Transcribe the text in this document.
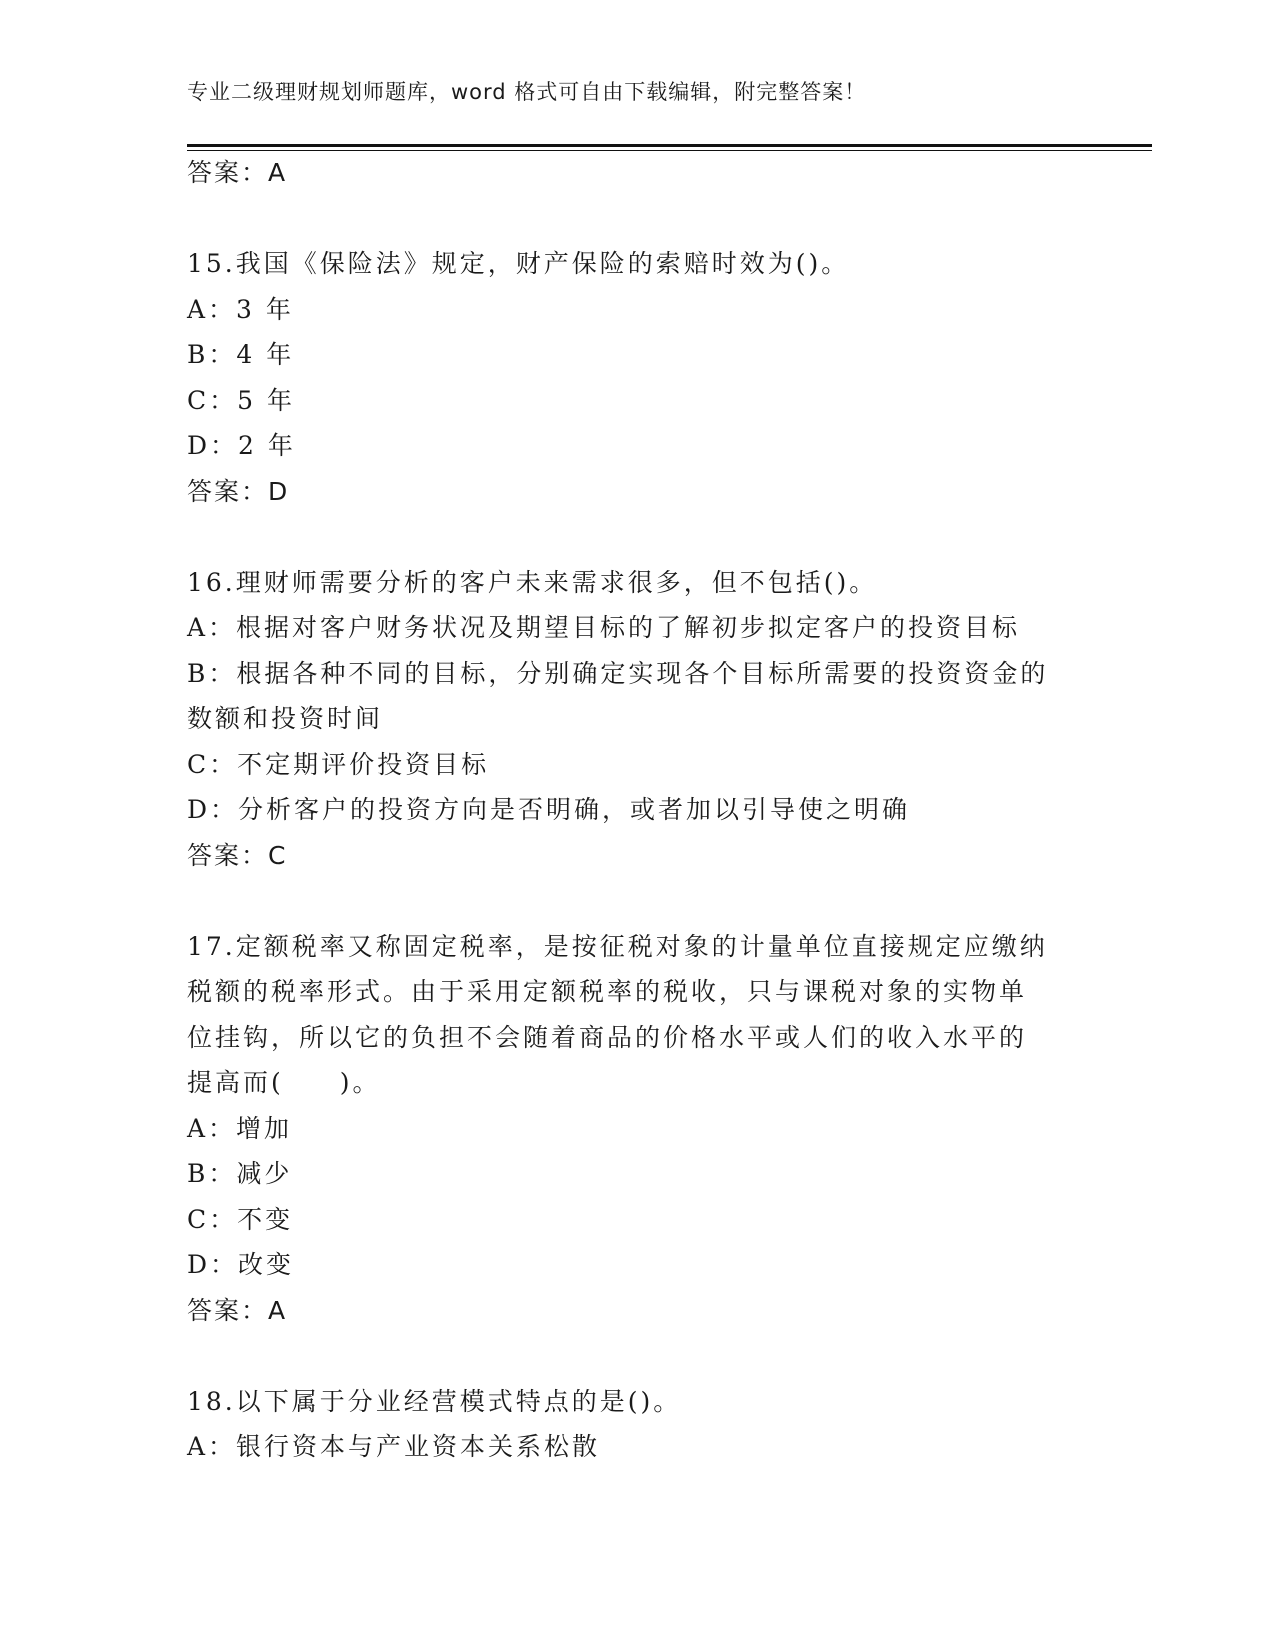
专业二级理财规划师题库，word 格式可自由下载编辑，附完整答案！
答案：A
15.我国《保险法》规定，财产保险的索赔时效为()。
A：3 年
B：4 年
C：5 年
D：2 年
答案：D
16.理财师需要分析的客户未来需求很多，但不包括()。
A：根据对客户财务状况及期望目标的了解初步拟定客户的投资目标
B：根据各种不同的目标，分别确定实现各个目标所需要的投资资金的
数额和投资时间
C：不定期评价投资目标
D：分析客户的投资方向是否明确，或者加以引导使之明确
答案：C
17.定额税率又称固定税率，是按征税对象的计量单位直接规定应缴纳
税额的税率形式。由于采用定额税率的税收，只与课税对象的实物单
位挂钩，所以它的负担不会随着商品的价格水平或人们的收入水平的
提高而(　　)。
A：增加
B：减少
C：不变
D：改变
答案：A
18.以下属于分业经营模式特点的是()。
A：银行资本与产业资本关系松散
